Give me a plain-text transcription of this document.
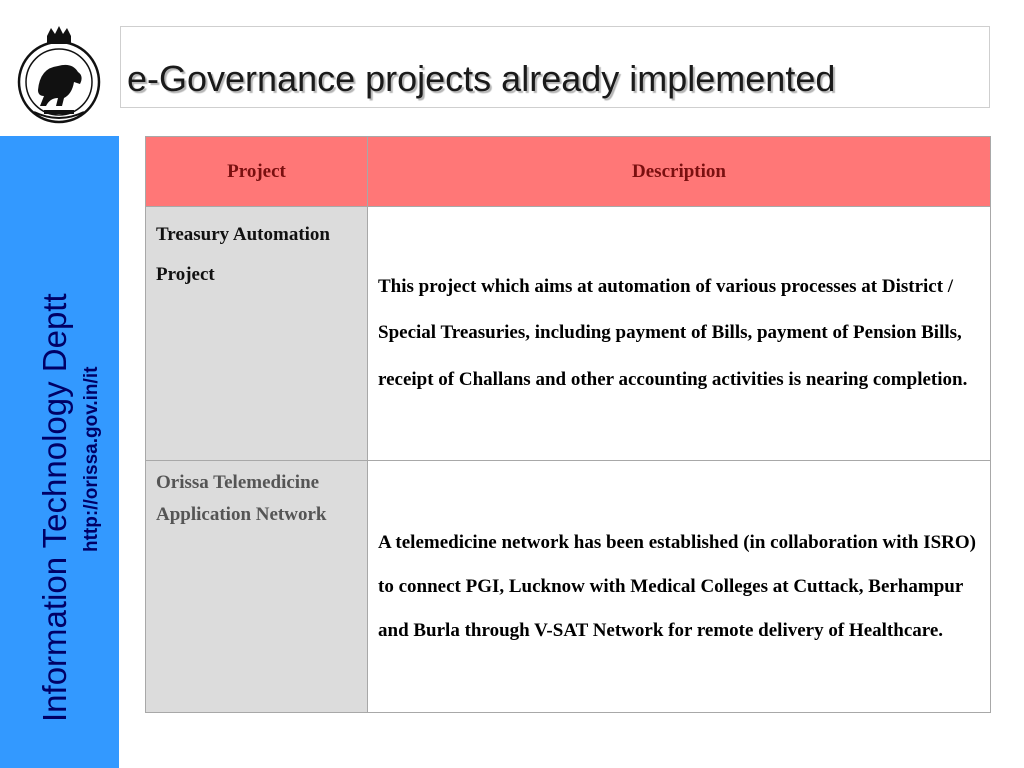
e-Governance projects already implemented
Information Technology Deptt http://orissa.gov.in/it
Project	Description
Treasury Automation Project	This project which aims at automation of various processes at District / Special Treasuries, including payment of Bills, payment of Pension Bills, receipt of Challans and other accounting activities is nearing completion.
Orissa Telemedicine Application Network	A telemedicine network has been established (in collaboration with ISRO) to connect PGI, Lucknow with Medical Colleges at Cuttack, Berhampur and Burla through V-SAT Network for remote delivery of Healthcare.
